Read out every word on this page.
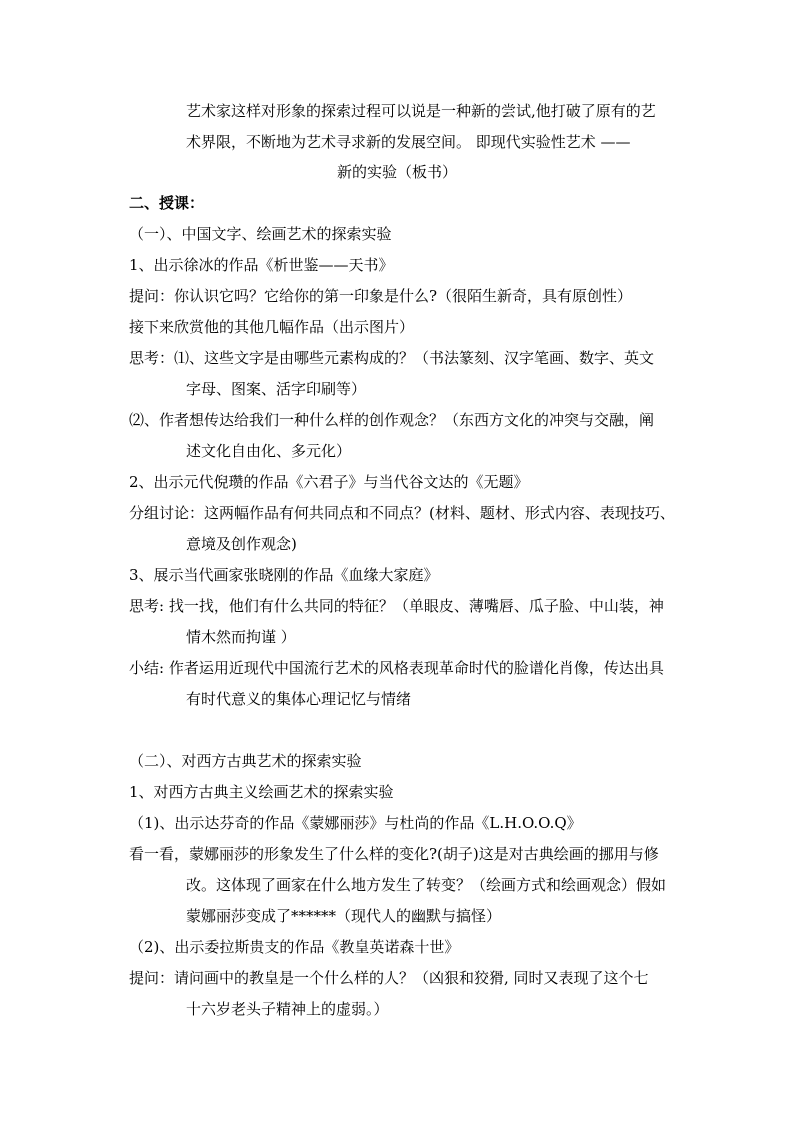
艺术家这样对形象的探索过程可以说是一种新的尝试,他打破了原有的艺
术界限，不断地为艺术寻求新的发展空间。 即现代实验性艺术 ——
新的实验（板书）
二、授课：
（一）、中国文字、绘画艺术的探索实验
1、出示徐冰的作品《析世鉴——天书》
提问：你认识它吗？它给你的第一印象是什么?（很陌生新奇，具有原创性）
接下来欣赏他的其他几幅作品（出示图片）
思考：⑴、这些文字是由哪些元素构成的？（书法篆刻、汉字笔画、数字、英文
字母、图案、活字印刷等）
⑵、作者想传达给我们一种什么样的创作观念？（东西方文化的冲突与交融，阐
述文化自由化、多元化）
2、出示元代倪瓒的作品《六君子》与当代谷文达的《无题》
分组讨论：这两幅作品有何共同点和不同点？(材料、题材、形式内容、表现技巧、
意境及创作观念)
3、展示当代画家张晓刚的作品《血缘大家庭》
思考: 找一找，他们有什么共同的特征？（单眼皮、薄嘴唇、瓜子脸、中山装，神
情木然而拘谨 ）
小结: 作者运用近现代中国流行艺术的风格表现革命时代的脸谱化肖像，传达出具
有时代意义的集体心理记忆与情绪
（二）、对西方古典艺术的探索实验
1、对西方古典主义绘画艺术的探索实验
（1)、出示达芬奇的作品《蒙娜丽莎》与杜尚的作品《L.H.O.O.Q》
看一看，蒙娜丽莎的形象发生了什么样的变化?(胡子)这是对古典绘画的挪用与修
改。这体现了画家在什么地方发生了转变？（绘画方式和绘画观念）假如
蒙娜丽莎变成了******（现代人的幽默与搞怪）
（2)、出示委拉斯贵支的作品《教皇英诺森十世》
提问：请问画中的教皇是一个什么样的人？（凶狠和狡猾, 同时又表现了这个七
十六岁老头子精神上的虚弱。）
